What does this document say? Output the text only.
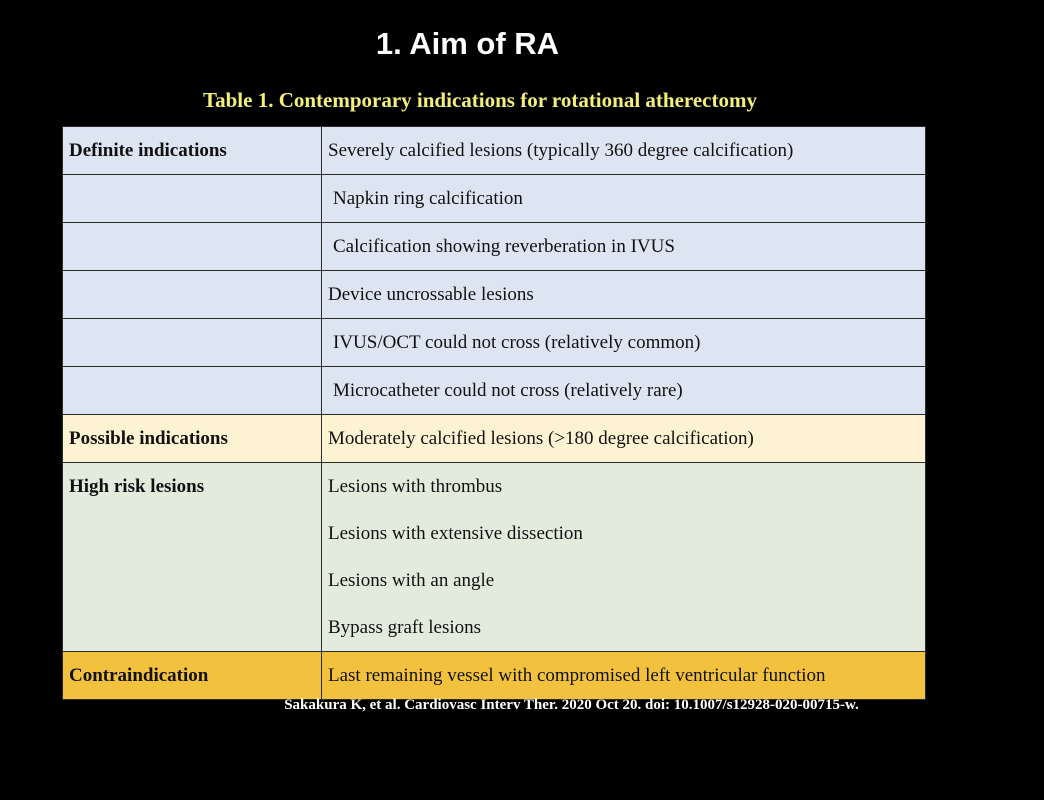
1. Aim of RA
Table 1. Contemporary indications for rotational atherectomy
Definite indications	Severely calcified lesions (typically 360 degree calcification)
	Napkin ring calcification
	Calcification showing reverberation in IVUS
	Device uncrossable lesions
	IVUS/OCT could not cross (relatively common)
	Microcatheter could not cross (relatively rare)
Possible indications	Moderately calcified lesions (>180 degree calcification)
High risk lesions	Lesions with thrombus
Lesions with extensive dissection
Lesions with an angle
Bypass graft lesions

Contraindication	Last remaining vessel with compromised left ventricular function
Sakakura K, et al. Cardiovasc Interv Ther. 2020 Oct 20. doi: 10.1007/s12928-020-00715-w.
